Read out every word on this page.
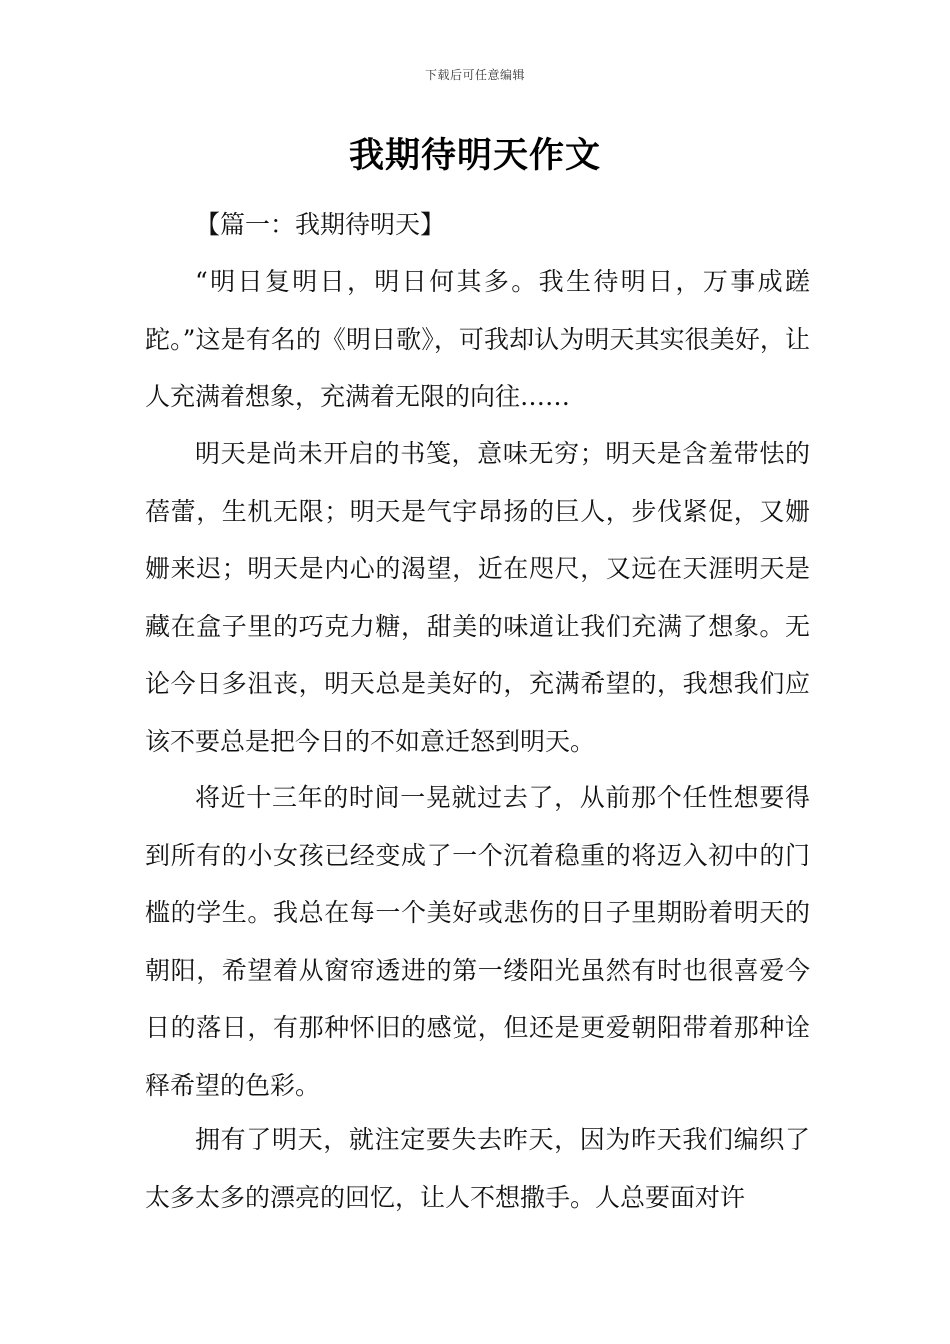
下载后可任意编辑
我期待明天作文
【篇一：我期待明天】

“明日复明日，明日何其多。我生待明日，万事成蹉跎。”这是有名的《明日歌》，可我却认为明天其实很美好，让人充满着想象，充满着无限的向往……

明天是尚未开启的书笺，意味无穷；明天是含羞带怯的蓓蕾，生机无限；明天是气宇昂扬的巨人，步伐紧促，又姗姗来迟；明天是内心的渴望，近在咫尺，又远在天涯明天是藏在盒子里的巧克力糖，甜美的味道让我们充满了想象。无论今日多沮丧，明天总是美好的，充满希望的，我想我们应该不要总是把今日的不如意迁怒到明天。

将近十三年的时间一晃就过去了，从前那个任性想要得到所有的小女孩已经变成了一个沉着稳重的将迈入初中的门槛的学生。我总在每一个美好或悲伤的日子里期盼着明天的朝阳，希望着从窗帘透进的第一缕阳光虽然有时也很喜爱今日的落日，有那种怀旧的感觉，但还是更爱朝阳带着那种诠释希望的色彩。

拥有了明天，就注定要失去昨天，因为昨天我们编织了太多太多的漂亮的回忆，让人不想撒手。人总要面对许
